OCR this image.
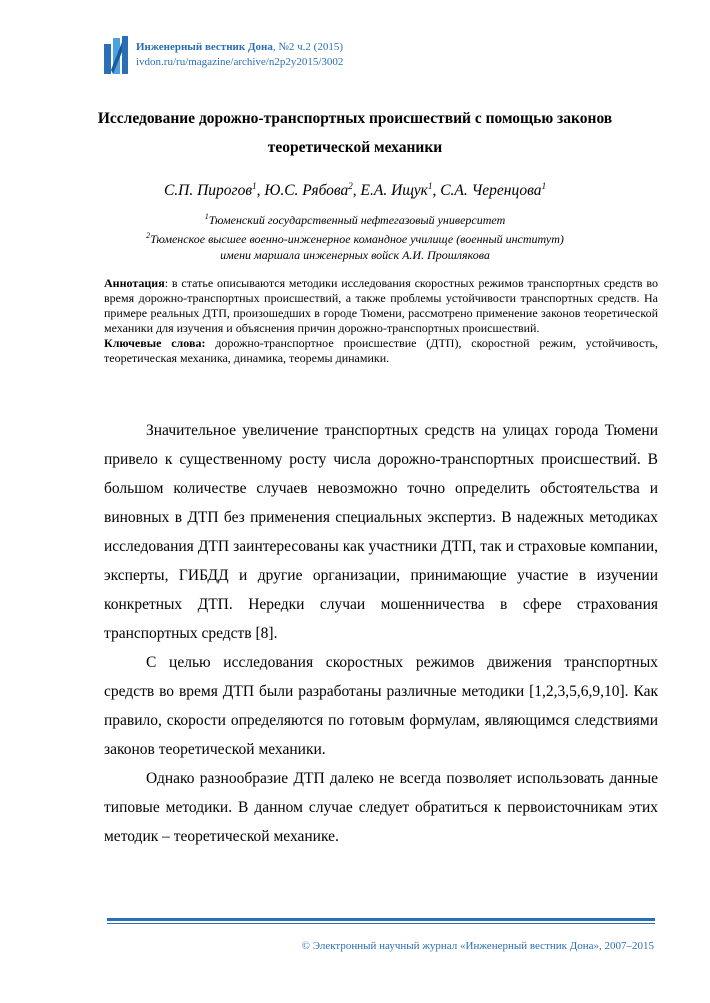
Инженерный вестник Дона, №2 ч.2 (2015)
ivdon.ru/ru/magazine/archive/n2p2y2015/3002
Исследование дорожно-транспортных происшествий с помощью законов
теоретической механики
С.П. Пирогов$^1$, Ю.С. Рябова$^2$, Е.А. Ищук$^1$, С.А. Черенцова$^1$
$^1$Тюменский государственный нефтегазовый университет
$^2$Тюменское высшее военно-инженерное командное училище (военный институт)
имени маршала инженерных войск А.И. Прошлякова

Аннотация: в статье описываются методики исследования скоростных режимов транспортных средств во время дорожно-транспортных происшествий, а также проблемы устойчивости транспортных средств. На примере реальных ДТП, произошедших в городе Тюмени, рассмотрено применение законов теоретической механики для изучения и объяснения причин дорожно-транспортных происшествий.

Ключевые слова: дорожно-транспортное происшествие (ДТП), скоростной режим, устойчивость, теоретическая механика, динамика, теоремы динамики.

Значительное увеличение транспортных средств на улицах города Тюмени привело к существенному росту числа дорожно-транспортных происшествий. В большом количестве случаев невозможно точно определить обстоятельства и виновных в ДТП без применения специальных экспертиз. В надежных методиках исследования ДТП заинтересованы как участники ДТП, так и страховые компании, эксперты, ГИБДД и другие организации, принимающие участие в изучении конкретных ДТП. Нередки случаи мошенничества в сфере страхования транспортных средств [8].

С целью исследования скоростных режимов движения транспортных средств во время ДТП были разработаны различные методики [1,2,3,5,6,9,10]. Как правило, скорости определяются по готовым формулам, являющимся следствиями законов теоретической механики.

Однако разнообразие ДТП далеко не всегда позволяет использовать данные типовые методики. В данном случае следует обратиться к первоисточникам этих методик – теоретической механике.

© Электронный научный журнал «Инженерный вестник Дона», 2007–2015
